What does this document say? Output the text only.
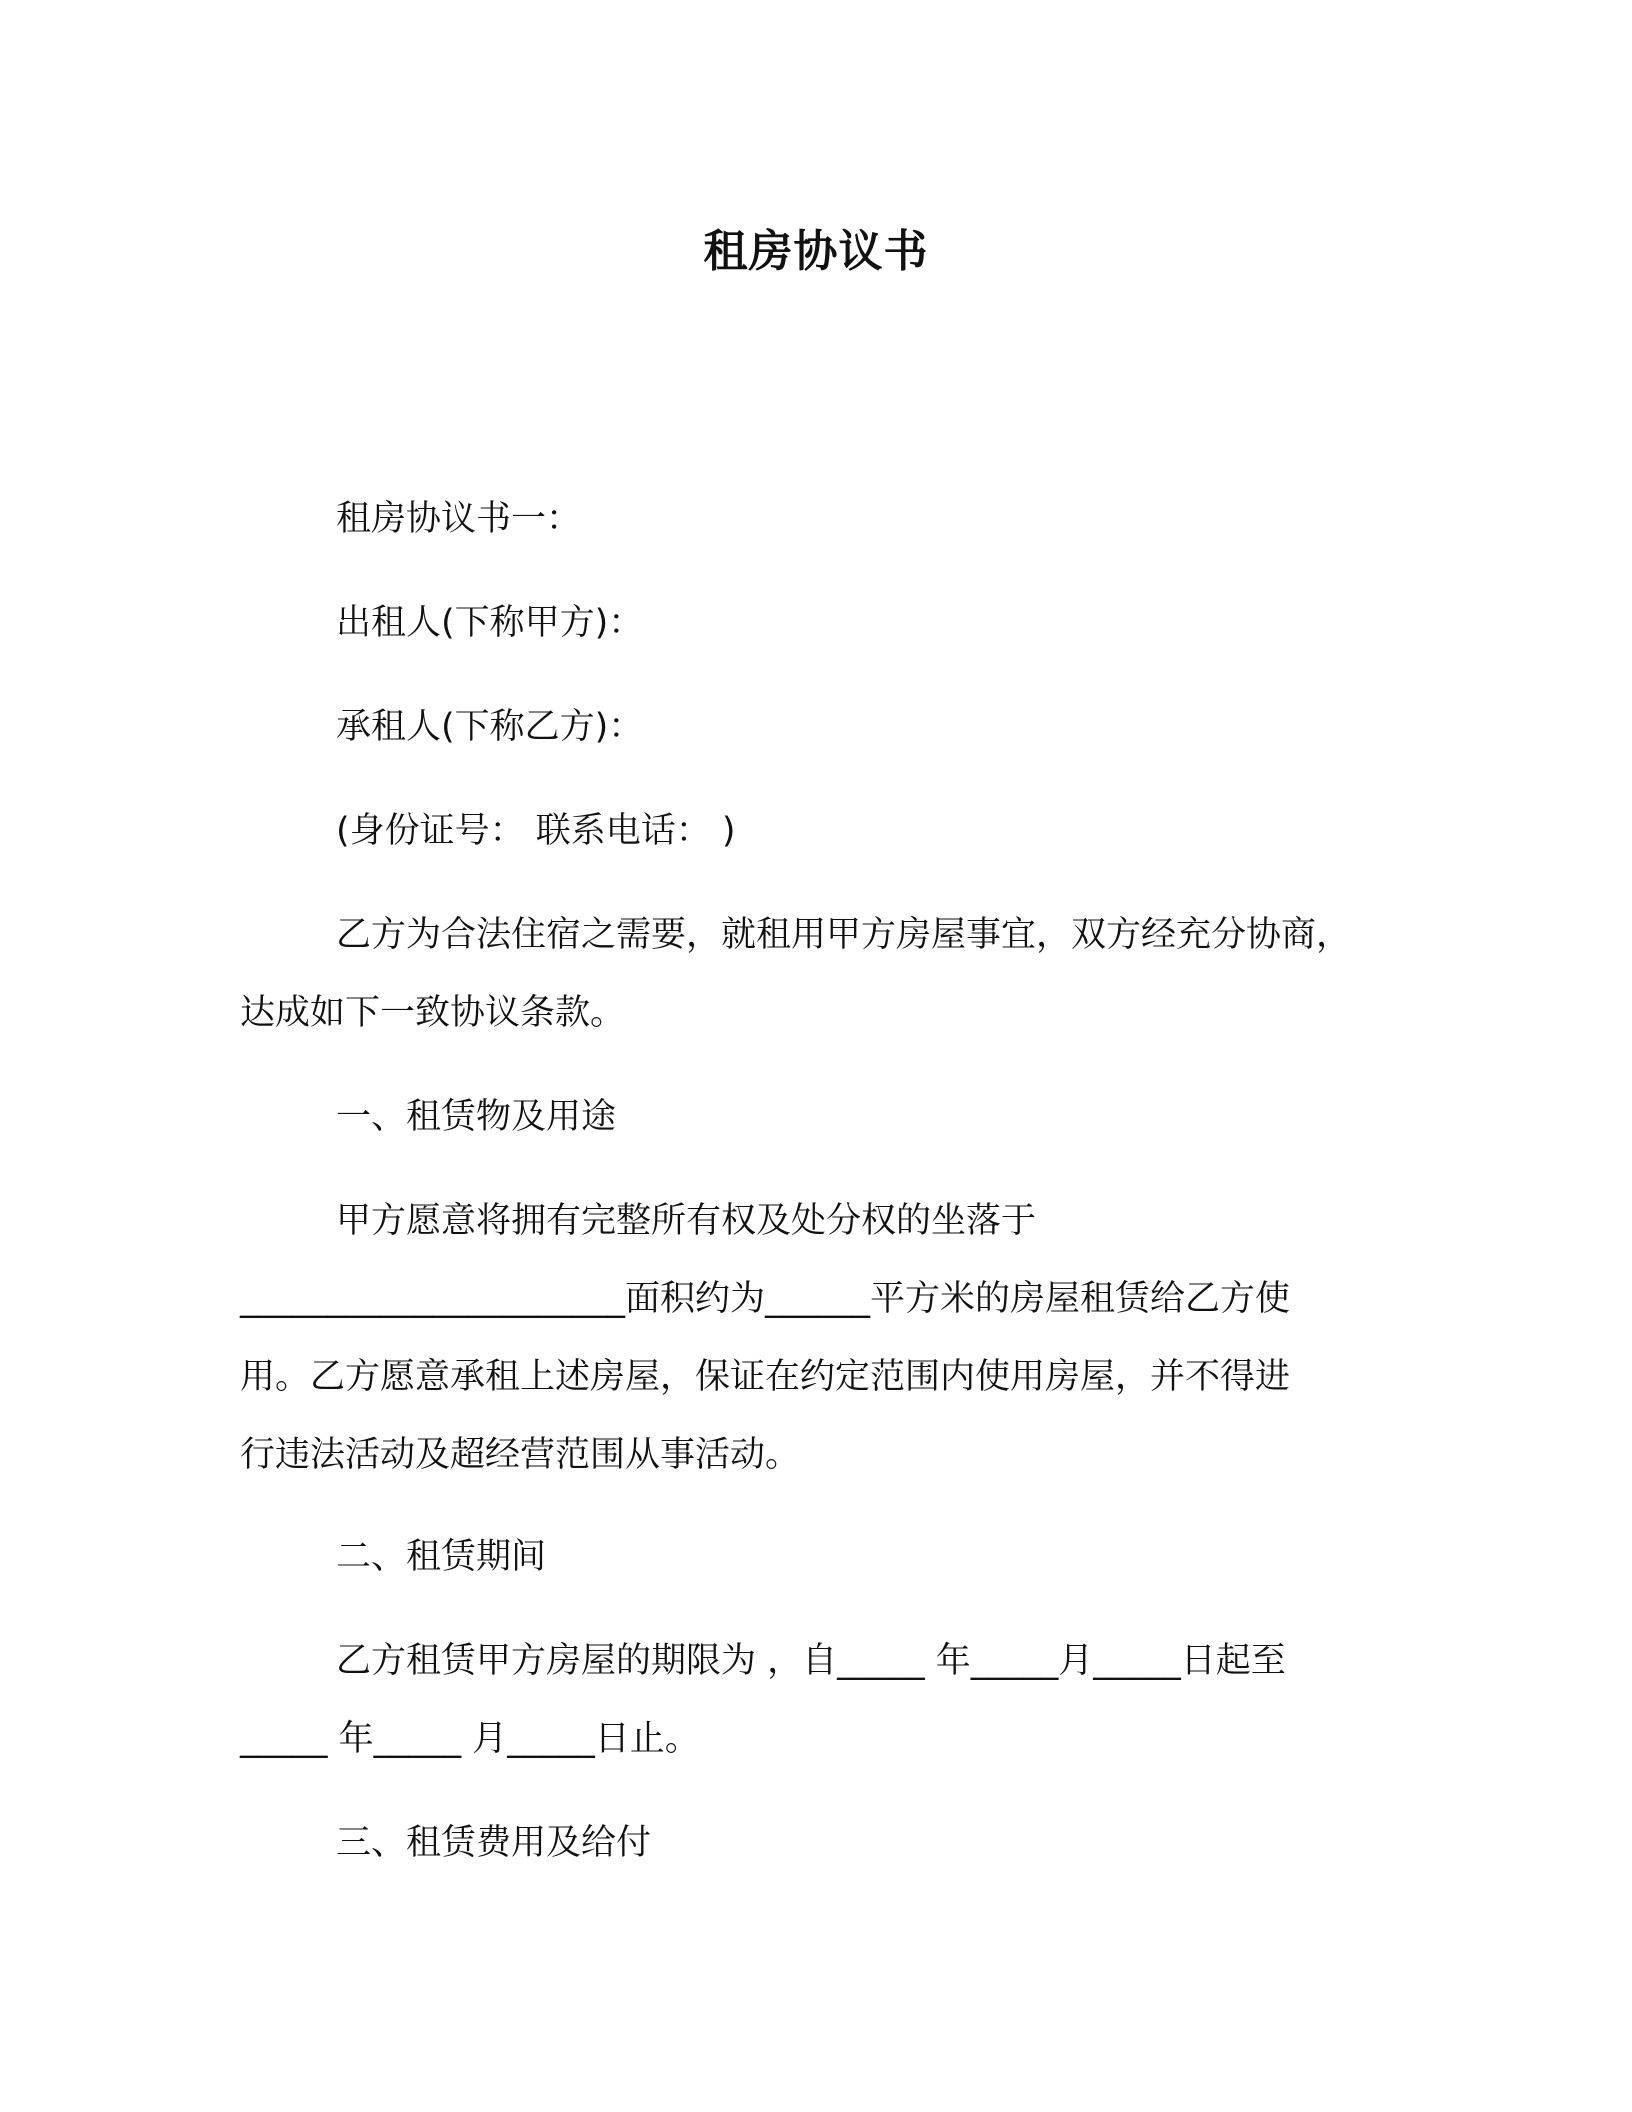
租房协议书
租房协议书一：
出租人(下称甲方)：
承租人(下称乙方)：
(身份证号： 联系电话： )
乙方为合法住宿之需要，就租用甲方房屋事宜，双方经充分协商，
达成如下一致协议条款。
一、租赁物及用途
甲方愿意将拥有完整所有权及处分权的坐落于
______________________面积约为______平方米的房屋租赁给乙方使
用。乙方愿意承租上述房屋，保证在约定范围内使用房屋，并不得进
行违法活动及超经营范围从事活动。
二、租赁期间
乙方租赁甲方房屋的期限为 ，自_____ 年_____月_____日起至
_____ 年_____ 月_____日止。
三、租赁费用及给付
